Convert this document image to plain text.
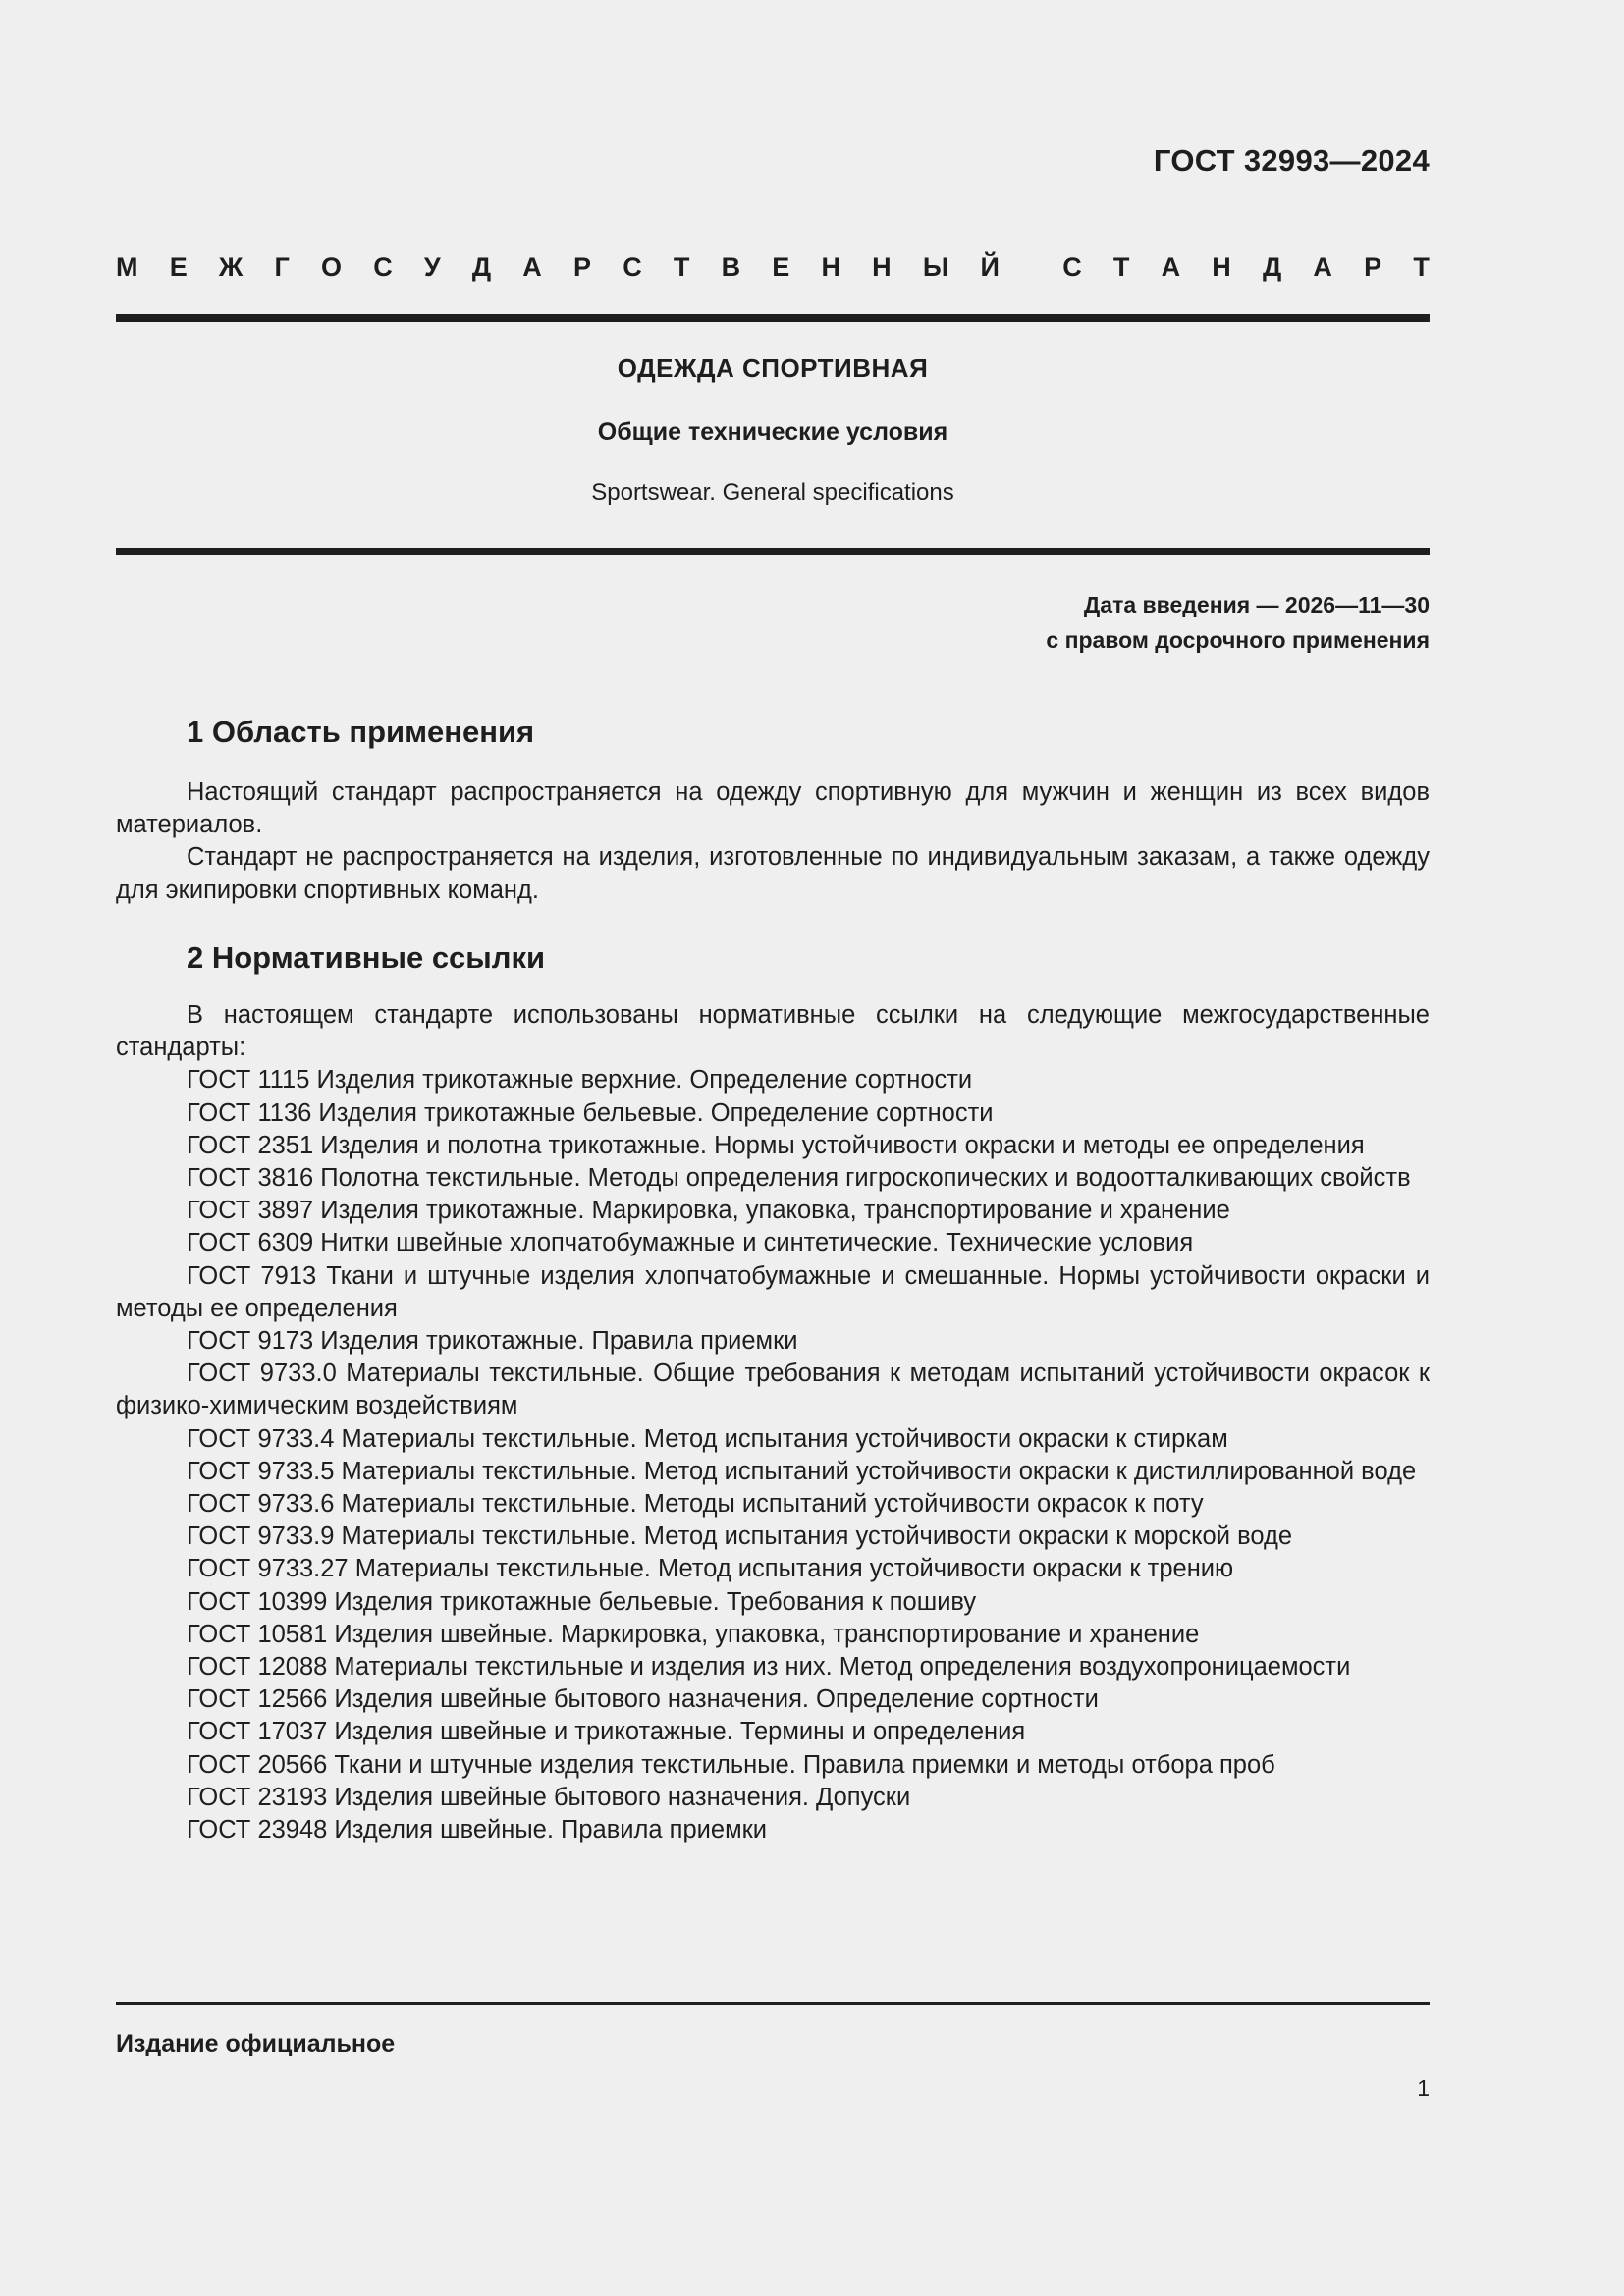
ГОСТ 32993—2024
М Е Ж Г О С У Д А Р С Т В Е Н Н Ы Й С Т А Н Д А Р Т
ОДЕЖДА СПОРТИВНАЯ
Общие технические условия
Sportswear. General specifications
Дата введения — 2026—11—30
с правом досрочного применения
1 Область применения

Настоящий стандарт распространяется на одежду спортивную для мужчин и женщин из всех видов материалов.

Стандарт не распространяется на изделия, изготовленные по индивидуальным заказам, а также одежду для экипировки спортивных команд.

2 Нормативные ссылки

В настоящем стандарте использованы нормативные ссылки на следующие межгосударственные стандарты:

ГОСТ 1115 Изделия трикотажные верхние. Определение сортности

ГОСТ 1136 Изделия трикотажные бельевые. Определение сортности

ГОСТ 2351 Изделия и полотна трикотажные. Нормы устойчивости окраски и методы ее определения

ГОСТ 3816 Полотна текстильные. Методы определения гигроскопических и водоотталкивающих свойств

ГОСТ 3897 Изделия трикотажные. Маркировка, упаковка, транспортирование и хранение

ГОСТ 6309 Нитки швейные хлопчатобумажные и синтетические. Технические условия

ГОСТ 7913 Ткани и штучные изделия хлопчатобумажные и смешанные. Нормы устойчивости окраски и методы ее определения

ГОСТ 9173 Изделия трикотажные. Правила приемки

ГОСТ 9733.0 Материалы текстильные. Общие требования к методам испытаний устойчивости окрасок к физико-химическим воздействиям

ГОСТ 9733.4 Материалы текстильные. Метод испытания устойчивости окраски к стиркам

ГОСТ 9733.5 Материалы текстильные. Метод испытаний устойчивости окраски к дистиллированной воде

ГОСТ 9733.6 Материалы текстильные. Методы испытаний устойчивости окрасок к поту

ГОСТ 9733.9 Материалы текстильные. Метод испытания устойчивости окраски к морской воде

ГОСТ 9733.27 Материалы текстильные. Метод испытания устойчивости окраски к трению

ГОСТ 10399 Изделия трикотажные бельевые. Требования к пошиву

ГОСТ 10581 Изделия швейные. Маркировка, упаковка, транспортирование и хранение

ГОСТ 12088 Материалы текстильные и изделия из них. Метод определения воздухопроницаемости

ГОСТ 12566 Изделия швейные бытового назначения. Определение сортности

ГОСТ 17037 Изделия швейные и трикотажные. Термины и определения

ГОСТ 20566 Ткани и штучные изделия текстильные. Правила приемки и методы отбора проб

ГОСТ 23193 Изделия швейные бытового назначения. Допуски

ГОСТ 23948 Изделия швейные. Правила приемки

Издание официальное
1
